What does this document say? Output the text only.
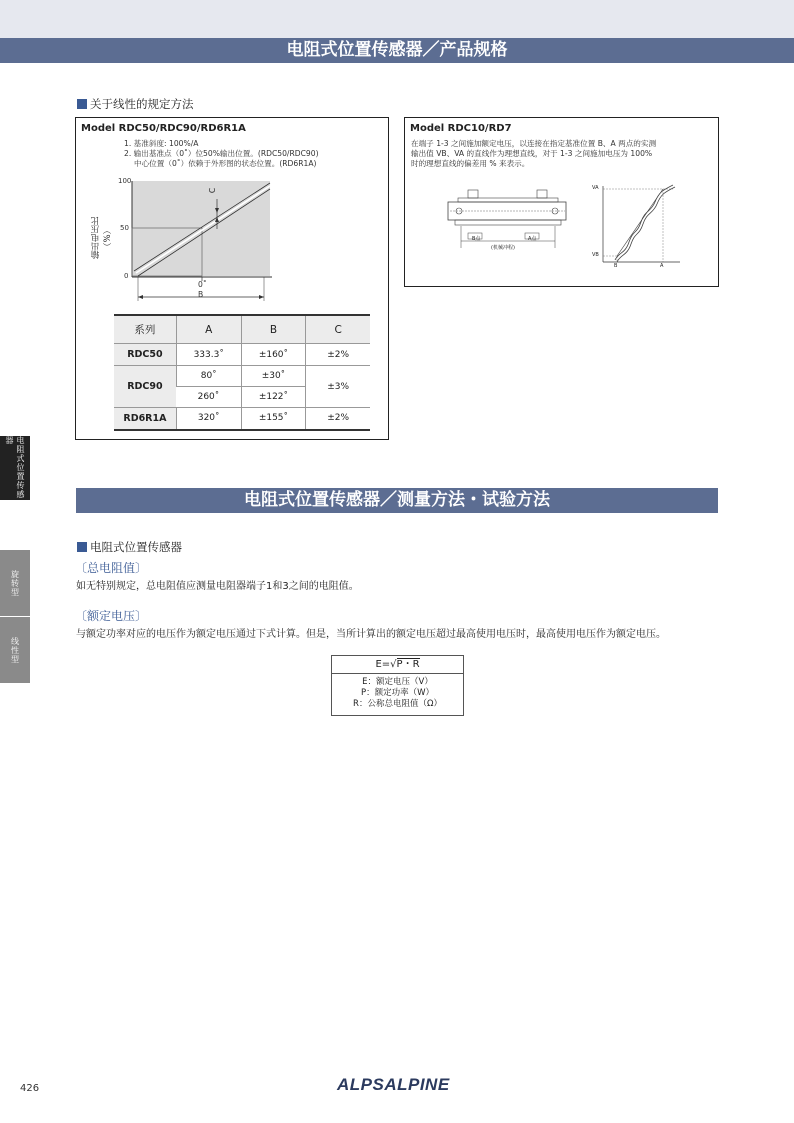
电阻式位置传感器／产品规格
关于线性的规定方法
Model RDC50/RDC90/RD6R1A
1. 基准斜度: 100%/A
2. 输出基准点（0˚）位50%输出位置。(RDC50/RDC90)
中心位置（0˚）依赖于外形图的状态位置。(RD6R1A)
100
50
0
输出电压比（%）
C
0˚
B
系列	A	B	C
RDC50	333.3˚	±160˚	±2%
RDC90	80˚	±30˚	±3%
	260˚	±122˚	
RD6R1A	320˚	±155˚	±2%
Model RDC10/RD7
在端子 1-3 之间施加额定电压，以连接在指定基准位置 B、A 两点的实测
输出值 VB、VA 的直线作为理想直线，对于 1-3 之间施加电压为 100%
时的理想直线的偏差用 % 来表示。
B点	A点
(机械冲程)
VA
VB
B	A
电阻式位置传感器／测量方法・试验方法
电阻式位置传感器
〔总电阻值〕
如无特别规定，总电阻值应测量电阻器端子1和3之间的电阻值。
〔额定电压〕
与额定功率对应的电压作为额定电压通过下式计算。但是，当所计算出的额定电压超过最高使用电压时，最高使用电压作为额定电压。
E=√P・R
E：额定电压（V）
P：额定功率（W）
R：公称总电阻值（Ω）
电阻式位置传感器
旋转型
线性型
426	ALPSALPINE
